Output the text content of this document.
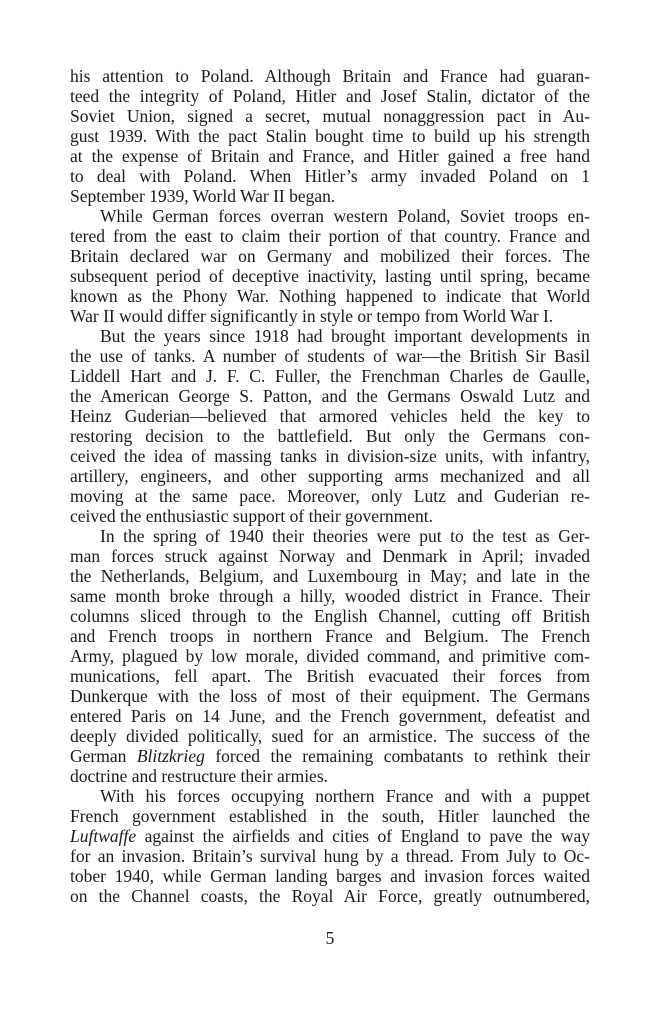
his attention to Poland. Although Britain and France had guaran-
teed the integrity of Poland, Hitler and Josef Stalin, dictator of the
Soviet Union, signed a secret, mutual nonaggression pact in Au-
gust 1939. With the pact Stalin bought time to build up his strength
at the expense of Britain and France, and Hitler gained a free hand
to deal with Poland. When Hitler’s army invaded Poland on 1
September 1939, World War II began.
While German forces overran western Poland, Soviet troops en-
tered from the east to claim their portion of that country. France and
Britain declared war on Germany and mobilized their forces. The
subsequent period of deceptive inactivity, lasting until spring, became
known as the Phony War. Nothing happened to indicate that World
War II would differ significantly in style or tempo from World War I.
But the years since 1918 had brought important developments in
the use of tanks. A number of students of war—the British Sir Basil
Liddell Hart and J. F. C. Fuller, the Frenchman Charles de Gaulle,
the American George S. Patton, and the Germans Oswald Lutz and
Heinz Guderian—believed that armored vehicles held the key to
restoring decision to the battlefield. But only the Germans con-
ceived the idea of massing tanks in division-size units, with infantry,
artillery, engineers, and other supporting arms mechanized and all
moving at the same pace. Moreover, only Lutz and Guderian re-
ceived the enthusiastic support of their government.
In the spring of 1940 their theories were put to the test as Ger-
man forces struck against Norway and Denmark in April; invaded
the Netherlands, Belgium, and Luxembourg in May; and late in the
same month broke through a hilly, wooded district in France. Their
columns sliced through to the English Channel, cutting off British
and French troops in northern France and Belgium. The French
Army, plagued by low morale, divided command, and primitive com-
munications, fell apart. The British evacuated their forces from
Dunkerque with the loss of most of their equipment. The Germans
entered Paris on 14 June, and the French government, defeatist and
deeply divided politically, sued for an armistice. The success of the
German Blitzkrieg forced the remaining combatants to rethink their
doctrine and restructure their armies.
With his forces occupying northern France and with a puppet
French government established in the south, Hitler launched the
Luftwaffe against the airfields and cities of England to pave the way
for an invasion. Britain’s survival hung by a thread. From July to Oc-
tober 1940, while German landing barges and invasion forces waited
on the Channel coasts, the Royal Air Force, greatly outnumbered,
5
